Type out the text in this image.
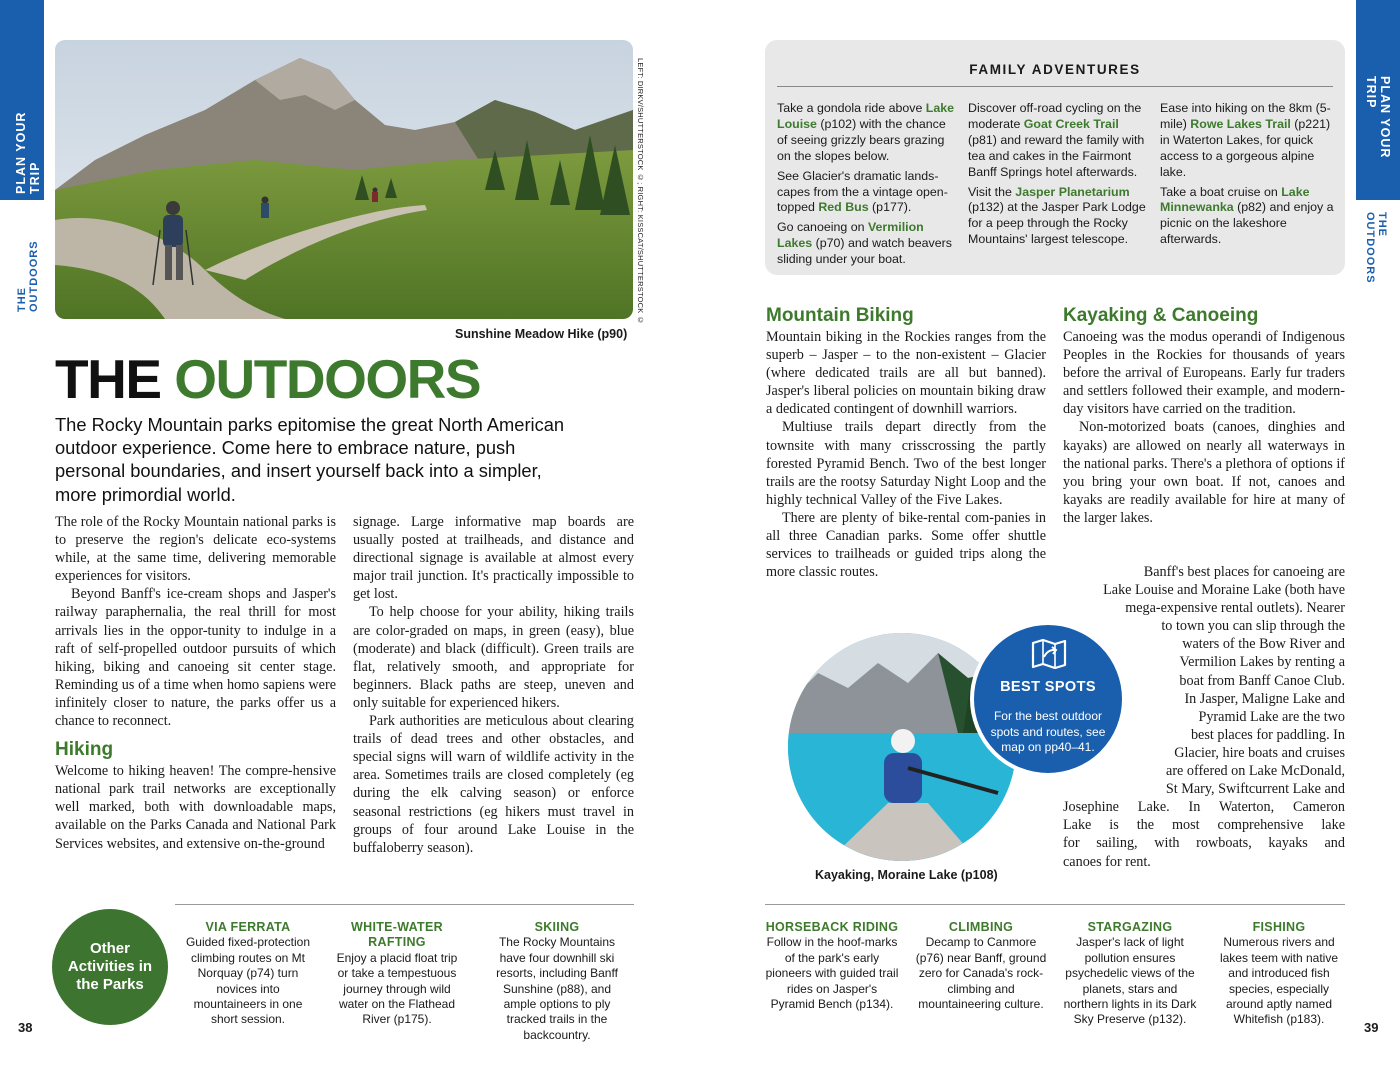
PLAN YOUR TRIP
THE OUTDOORS
PLAN YOUR TRIP
THE OUTDOORS
LEFT: DIRKV/SHUTTERSTOCK ©; RIGHT: KISSCAT/SHUTTERSTOCK ©
Sunshine Meadow Hike (p90)
THE OUTDOORS
The Rocky Mountain parks epitomise the great North American outdoor experience. Come here to embrace nature, push personal boundaries, and insert yourself back into a simpler, more primordial world.

The role of the Rocky Mountain national parks is to preserve the region's delicate eco-systems while, at the same time, delivering memorable experiences for visitors.

Beyond Banff's ice-cream shops and Jasper's railway paraphernalia, the real thrill for most arrivals lies in the oppor-tunity to indulge in a raft of self-propelled outdoor pursuits of which hiking, biking and canoeing sit center stage. Reminding us of a time when homo sapiens were infinitely closer to nature, the parks offer us a chance to reconnect.

Hiking

Welcome to hiking heaven! The compre-hensive national park trail networks are exceptionally well marked, both with downloadable maps, available on the Parks Canada and National Park Services websites, and extensive on-the-ground

signage. Large informative map boards are usually posted at trailheads, and distance and directional signage is available at almost every major trail junction. It's practically impossible to get lost.

To help choose for your ability, hiking trails are color-graded on maps, in green (easy), blue (moderate) and black (difficult). Green trails are flat, relatively smooth, and appropriate for beginners. Black paths are steep, uneven and only suitable for experienced hikers.

Park authorities are meticulous about clearing trails of dead trees and other obstacles, and special signs will warn of wildlife activity in the area. Sometimes trails are closed completely (eg during the elk calving season) or enforce seasonal restrictions (eg hikers must travel in groups of four around Lake Louise in the buffaloberry season).

Other Activities in the Parks
VIA FERRATA
Guided fixed-protection climbing routes on Mt Norquay (p74) turn novices into mountaineers in one short session.
WHITE-WATER RAFTING
Enjoy a placid float trip or take a tempestuous journey through wild water on the Flathead River (p175).
SKIING
The Rocky Mountains have four downhill ski resorts, including Banff Sunshine (p88), and ample options to ply tracked trails in the backcountry.
38
FAMILY ADVENTURES

Take a gondola ride above Lake Louise (p102) with the chance of seeing grizzly bears grazing on the slopes below.

See Glacier's dramatic lands-capes from the a vintage open-topped Red Bus (p177).

Go canoeing on Vermilion Lakes (p70) and watch beavers sliding under your boat.

Discover off-road cycling on the moderate Goat Creek Trail (p81) and reward the family with tea and cakes in the Fairmont Banff Springs hotel afterwards.

Visit the Jasper Planetarium (p132) at the Jasper Park Lodge for a peep through the Rocky Mountains' largest telescope.

Ease into hiking on the 8km (5-mile) Rowe Lakes Trail (p221) in Waterton Lakes, for quick access to a gorgeous alpine lake.

Take a boat cruise on Lake Minnewanka (p82) and enjoy a picnic on the lakeshore afterwards.

Mountain Biking

Mountain biking in the Rockies ranges from the superb – Jasper – to the non-existent – Glacier (where dedicated trails are all but banned). Jasper's liberal policies on mountain biking draw a dedicated contingent of downhill warriors.

Multiuse trails depart directly from the townsite with many crisscrossing the partly forested Pyramid Bench. Two of the best longer trails are the rootsy Saturday Night Loop and the highly technical Valley of the Five Lakes.

There are plenty of bike-rental com-panies in all three Canadian parks. Some offer shuttle services to trailheads or guided trips along the more classic routes.

Kayaking & Canoeing

Canoeing was the modus operandi of Indigenous Peoples in the Rockies for thousands of years before the arrival of Europeans. Early fur traders and settlers followed their example, and modern-day visitors have carried on the tradition.

Non-motorized boats (canoes, dinghies and kayaks) are allowed on nearly all waterways in the national parks. There's a plethora of options if you bring your own boat. If not, canoes and kayaks are readily available for hire at many of the larger lakes.

Banff's best places for canoeing are
Lake Louise and Moraine Lake (both have
mega-expensive rental outlets). Nearer
to town you can slip through the
waters of the Bow River and
Vermilion Lakes by renting a
boat from Banff Canoe Club.
In Jasper, Maligne Lake and
Pyramid Lake are the two
best places for paddling. In
Glacier, hire boats and cruises
are offered on Lake McDonald,
St Mary, Swiftcurrent Lake and
Josephine Lake. In Waterton, Cameron
Lake is the most comprehensive lake
for sailing, with rowboats, kayaks and
canoes for rent.
BEST SPOTS
For the best outdoor spots and routes, see map on pp40–41.
Kayaking, Moraine Lake (p108)
HORSEBACK RIDING
Follow in the hoof-marks of the park's early pioneers with guided trail rides on Jasper's Pyramid Bench (p134).
CLIMBING
Decamp to Canmore (p76) near Banff, ground zero for Canada's rock-climbing and mountaineering culture.
STARGAZING
Jasper's lack of light pollution ensures psychedelic views of the planets, stars and northern lights in its Dark Sky Preserve (p132).
FISHING
Numerous rivers and lakes teem with native and introduced fish species, especially around aptly named Whitefish (p183).
39
